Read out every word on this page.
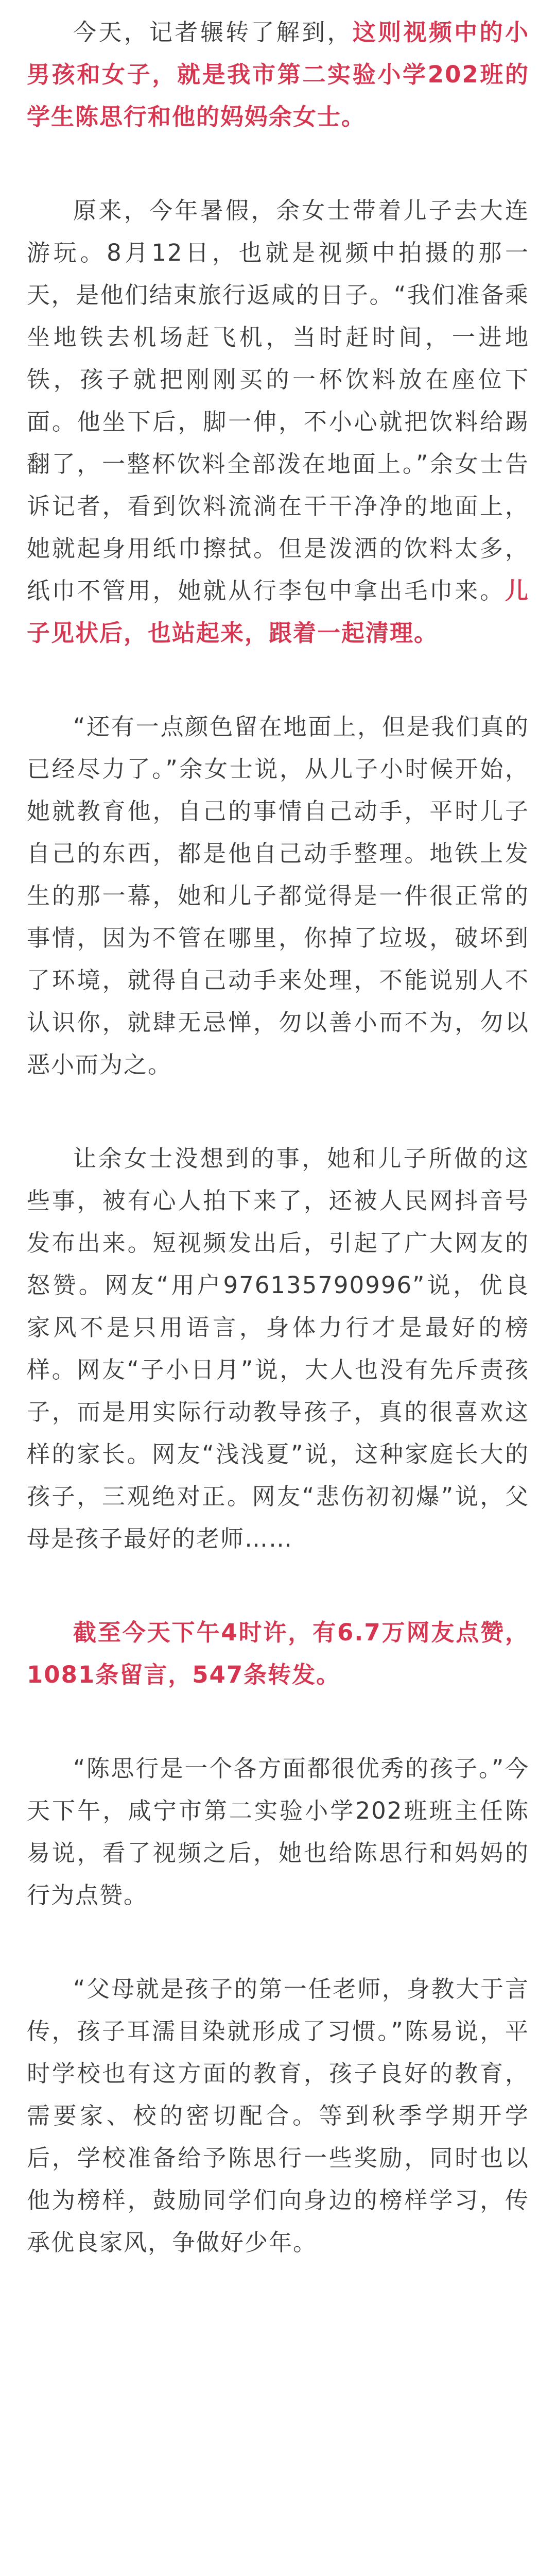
今天，记者辗转了解到，这则视频中的小男孩和女子，就是我市第二实验小学202班的学生陈思行和他的妈妈余女士。

原来，今年暑假，余女士带着儿子去大连游玩。8月12日，也就是视频中拍摄的那一天，是他们结束旅行返咸的日子。“我们准备乘坐地铁去机场赶飞机，当时赶时间，一进地铁，孩子就把刚刚买的一杯饮料放在座位下面。他坐下后，脚一伸，不小心就把饮料给踢翻了，一整杯饮料全部泼在地面上。”余女士告诉记者，看到饮料流淌在干干净净的地面上，她就起身用纸巾擦拭。但是泼洒的饮料太多，纸巾不管用，她就从行李包中拿出毛巾来。儿子见状后，也站起来，跟着一起清理。

“还有一点颜色留在地面上，但是我们真的已经尽力了。”余女士说，从儿子小时候开始，她就教育他，自己的事情自己动手，平时儿子自己的东西，都是他自己动手整理。地铁上发生的那一幕，她和儿子都觉得是一件很正常的事情，因为不管在哪里，你掉了垃圾，破坏到了环境，就得自己动手来处理，不能说别人不认识你，就肆无忌惮，勿以善小而不为，勿以恶小而为之。

让余女士没想到的事，她和儿子所做的这些事，被有心人拍下来了，还被人民网抖音号发布出来。短视频发出后，引起了广大网友的怒赞。网友“用户976135790996”说，优良家风不是只用语言，身体力行才是最好的榜样。网友“子小日月”说，大人也没有先斥责孩子，而是用实际行动教导孩子，真的很喜欢这样的家长。网友“浅浅夏”说，这种家庭长大的孩子，三观绝对正。网友“悲伤初初爆”说，父母是孩子最好的老师……

截至今天下午4时许，有6.7万网友点赞，1081条留言，547条转发。

“陈思行是一个各方面都很优秀的孩子。”今天下午，咸宁市第二实验小学202班班主任陈易说，看了视频之后，她也给陈思行和妈妈的行为点赞。

“父母就是孩子的第一任老师，身教大于言传，孩子耳濡目染就形成了习惯。”陈易说，平时学校也有这方面的教育，孩子良好的教育，需要家、校的密切配合。等到秋季学期开学后，学校准备给予陈思行一些奖励，同时也以他为榜样，鼓励同学们向身边的榜样学习，传承优良家风，争做好少年。
